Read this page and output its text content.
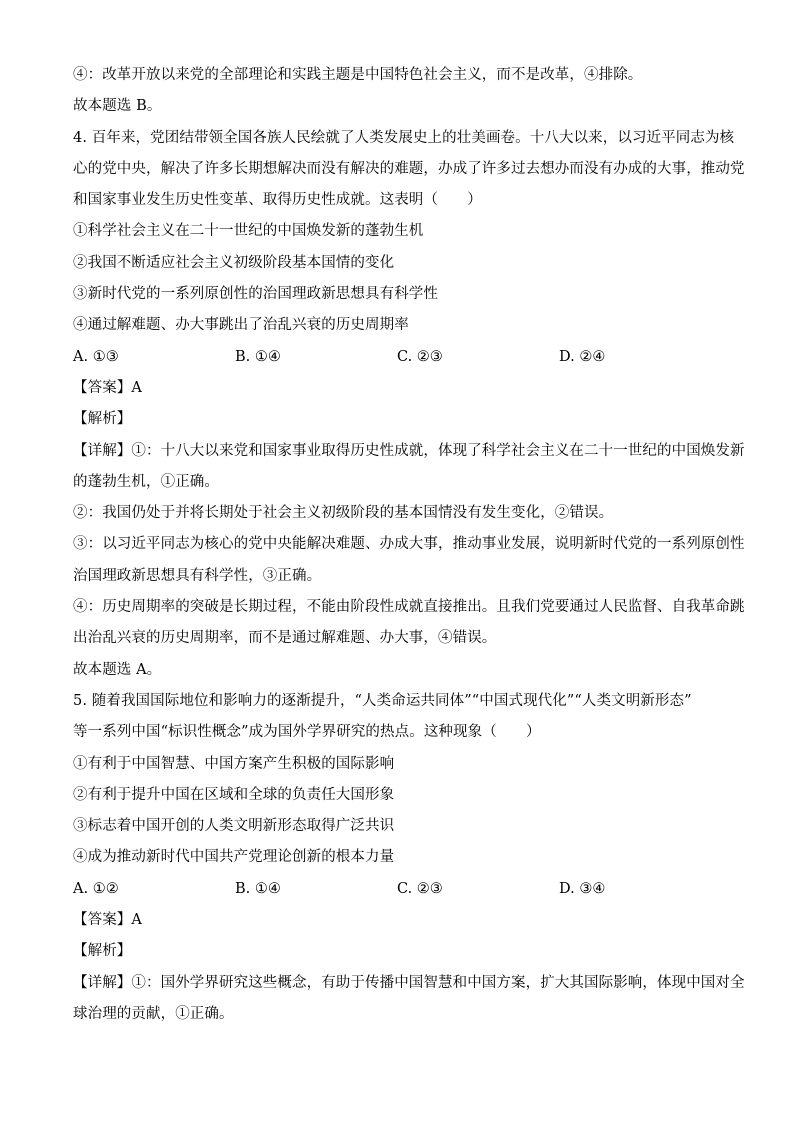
④：改革开放以来党的全部理论和实践主题是中国特色社会主义，而不是改革，④排除。
故本题选 B。
4. 百年来，党团结带领全国各族人民绘就了人类发展史上的壮美画卷。十八大以来，以习近平同志为核
心的党中央，解决了许多长期想解决而没有解决的难题，办成了许多过去想办而没有办成的大事，推动党
和国家事业发生历史性变革、取得历史性成就。这表明（　　）
①科学社会主义在二十一世纪的中国焕发新的蓬勃生机
②我国不断适应社会主义初级阶段基本国情的变化
③新时代党的一系列原创性的治国理政新思想具有科学性
④通过解难题、办大事跳出了治乱兴衰的历史周期率
A. ①③	B. ①④	C. ②③	D. ②④
【答案】A
【解析】
【详解】①：十八大以来党和国家事业取得历史性成就，体现了科学社会主义在二十一世纪的中国焕发新
的蓬勃生机，①正确。
②：我国仍处于并将长期处于社会主义初级阶段的基本国情没有发生变化，②错误。
③：以习近平同志为核心的党中央能解决难题、办成大事，推动事业发展，说明新时代党的一系列原创性
治国理政新思想具有科学性，③正确。
④：历史周期率的突破是长期过程，不能由阶段性成就直接推出。且我们党要通过人民监督、自我革命跳
出治乱兴衰的历史周期率，而不是通过解难题、办大事，④错误。
故本题选 A。
5. 随着我国国际地位和影响力的逐渐提升，“人类命运共同体”“中国式现代化”“人类文明新形态”
等一系列中国“标识性概念”成为国外学界研究的热点。这种现象（　　）
①有利于中国智慧、中国方案产生积极的国际影响
②有利于提升中国在区域和全球的负责任大国形象
③标志着中国开创的人类文明新形态取得广泛共识
④成为推动新时代中国共产党理论创新的根本力量
A. ①②	B. ①④	C. ②③	D. ③④
【答案】A
【解析】
【详解】①：国外学界研究这些概念，有助于传播中国智慧和中国方案，扩大其国际影响，体现中国对全
球治理的贡献，①正确。
